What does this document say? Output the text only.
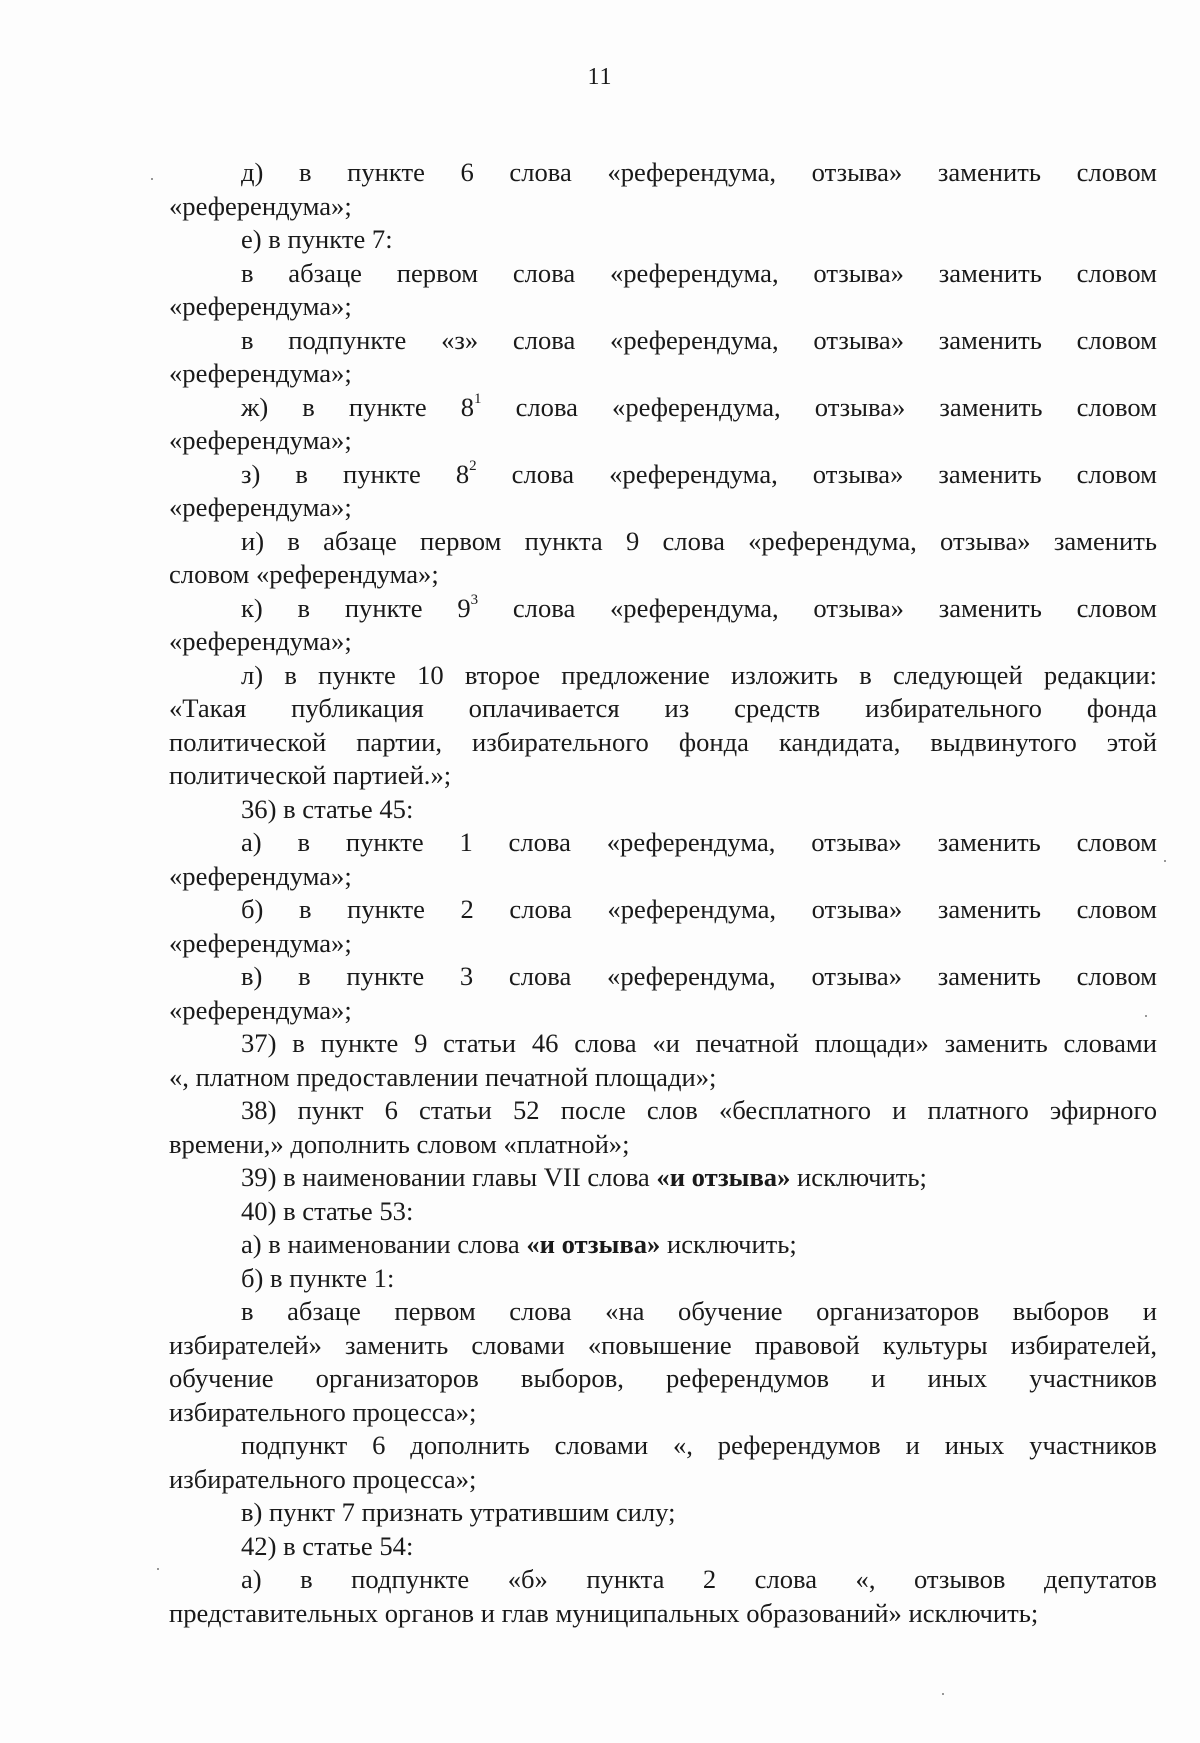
11
д) в пункте 6 слова «референдума, отзыва» заменить словом
«референдума»;
е) в пункте 7:
в абзаце первом слова «референдума, отзыва» заменить словом
«референдума»;
в подпункте «з» слова «референдума, отзыва» заменить словом
«референдума»;
ж) в пункте $8^1$ слова «референдума, отзыва» заменить словом
«референдума»;
з) в пункте $8^2$ слова «референдума, отзыва» заменить словом
«референдума»;
и) в абзаце первом пункта 9 слова «референдума, отзыва» заменить
словом «референдума»;
к) в пункте $9^3$ слова «референдума, отзыва» заменить словом
«референдума»;
л) в пункте 10 второе предложение изложить в следующей редакции:
«Такая публикация оплачивается из средств избирательного фонда
политической партии, избирательного фонда кандидата, выдвинутого этой
политической партией.»;
36) в статье 45:
а) в пункте 1 слова «референдума, отзыва» заменить словом
«референдума»;
б) в пункте 2 слова «референдума, отзыва» заменить словом
«референдума»;
в) в пункте 3 слова «референдума, отзыва» заменить словом
«референдума»;
37) в пункте 9 статьи 46 слова «и печатной площади» заменить словами
«, платном предоставлении печатной площади»;
38) пункт 6 статьи 52 после слов «бесплатного и платного эфирного
времени,» дополнить словом «платной»;
39) в наименовании главы VII слова «и отзыва» исключить;
40) в статье 53:
а) в наименовании слова «и отзыва» исключить;
б) в пункте 1:
в абзаце первом слова «на обучение организаторов выборов и
избирателей» заменить словами «повышение правовой культуры избирателей,
обучение организаторов выборов, референдумов и иных участников
избирательного процесса»;
подпункт 6 дополнить словами «, референдумов и иных участников
избирательного процесса»;
в) пункт 7 признать утратившим силу;
42) в статье 54:
а) в подпункте «б» пункта 2 слова «, отзывов депутатов
представительных органов и глав муниципальных образований» исключить;
